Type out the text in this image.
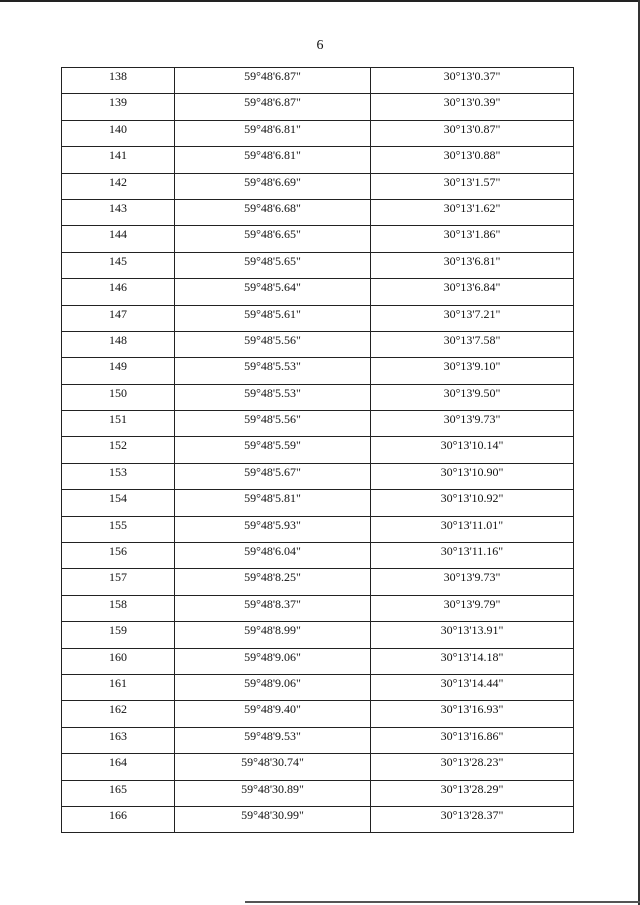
6
138	59°48'6.87"	30°13'0.37"

139	59°48'6.87"	30°13'0.39"

140	59°48'6.81"	30°13'0.87"

141	59°48'6.81"	30°13'0.88"

142	59°48'6.69"	30°13'1.57"

143	59°48'6.68"	30°13'1.62"

144	59°48'6.65"	30°13'1.86"

145	59°48'5.65"	30°13'6.81"

146	59°48'5.64"	30°13'6.84"

147	59°48'5.61"	30°13'7.21"

148	59°48'5.56"	30°13'7.58"

149	59°48'5.53"	30°13'9.10"

150	59°48'5.53"	30°13'9.50"

151	59°48'5.56"	30°13'9.73"

152	59°48'5.59"	30°13'10.14"

153	59°48'5.67"	30°13'10.90"

154	59°48'5.81"	30°13'10.92"

155	59°48'5.93"	30°13'11.01"

156	59°48'6.04"	30°13'11.16"

157	59°48'8.25"	30°13'9.73"

158	59°48'8.37"	30°13'9.79"

159	59°48'8.99"	30°13'13.91"

160	59°48'9.06"	30°13'14.18"

161	59°48'9.06"	30°13'14.44"

162	59°48'9.40"	30°13'16.93"

163	59°48'9.53"	30°13'16.86"

164	59°48'30.74"	30°13'28.23"

165	59°48'30.89"	30°13'28.29"

166	59°48'30.99"	30°13'28.37"
